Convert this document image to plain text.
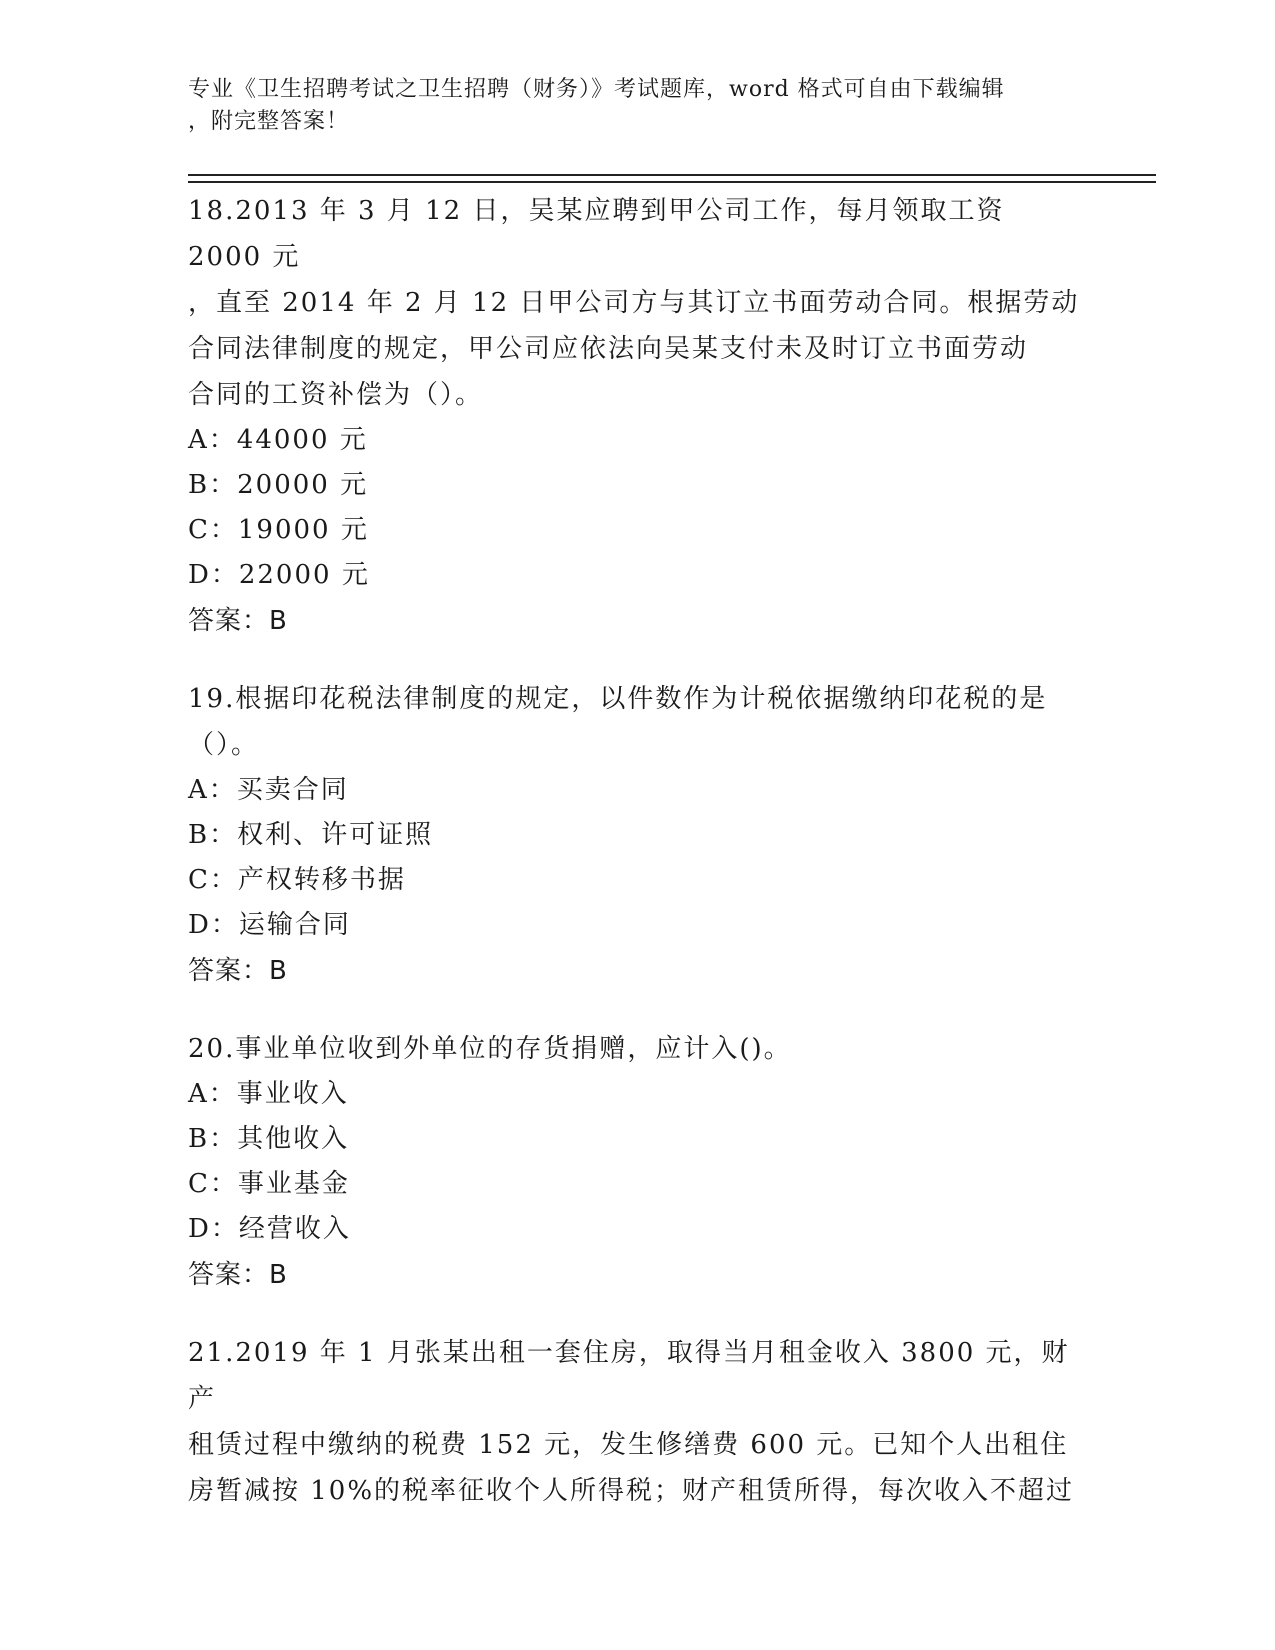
专业《卫生招聘考试之卫生招聘（财务）》考试题库，word 格式可自由下载编辑
，附完整答案！
18.2013 年 3 月 12 日，吴某应聘到甲公司工作，每月领取工资 2000 元
，直至 2014 年 2 月 12 日甲公司方与其订立书面劳动合同。根据劳动
合同法律制度的规定，甲公司应依法向吴某支付未及时订立书面劳动
合同的工资补偿为（）。
A：44000 元
B：20000 元
C：19000 元
D：22000 元
答案：B
19.根据印花税法律制度的规定，以件数作为计税依据缴纳印花税的是
（）。
A：买卖合同
B：权利、许可证照
C：产权转移书据
D：运输合同
答案：B
20.事业单位收到外单位的存货捐赠，应计入()。
A：事业收入
B：其他收入
C：事业基金
D：经营收入
答案：B
21.2019 年 1 月张某出租一套住房，取得当月租金收入 3800 元，财产
租赁过程中缴纳的税费 152 元，发生修缮费 600 元。已知个人出租住
房暂减按 10%的税率征收个人所得税；财产租赁所得，每次收入不超过
